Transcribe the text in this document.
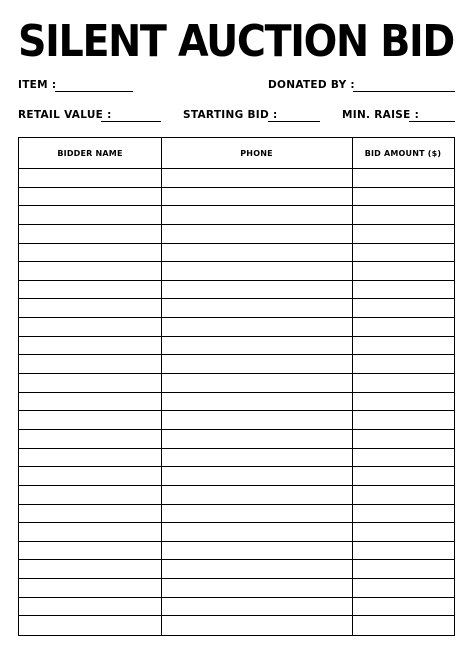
SILENT AUCTION BID
ITEM :	DONATED BY :
RETAIL VALUE :	STARTING BID :	MIN. RAISE :
BIDDER NAME	PHONE	BID AMOUNT ($)
